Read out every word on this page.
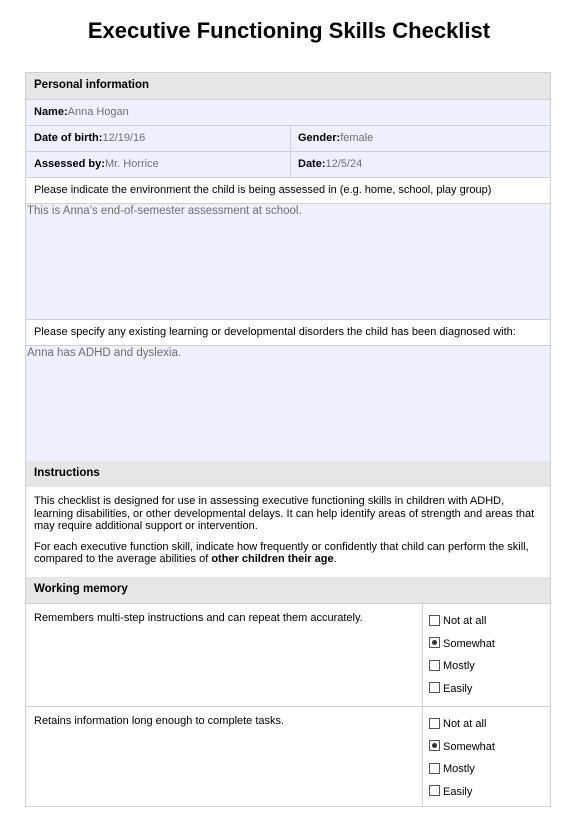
Executive Functioning Skills Checklist
Personal information
Name:Anna Hogan
Date of birth:12/19/16	Gender:female
Assessed by:Mr. Horrice	Date:12/5/24
Please indicate the environment the child is being assessed in (e.g. home, school, play group)
This is Anna’s end-of-semester assessment at school.
Please specify any existing learning or developmental disorders the child has been diagnosed with:
Anna has ADHD and dyslexia.
Instructions

This checklist is designed for use in assessing executive functioning skills in children with ADHD, learning disabilities, or other developmental delays. It can help identify areas of strength and areas that may require additional support or intervention.

For each executive function skill, indicate how frequently or confidently that child can perform the skill, compared to the average abilities of other children their age.

Working memory
Remembers multi-step instructions and can repeat them accurately.	Not at all
Somewhat
Mostly
Easily
Retains information long enough to complete tasks.	Not at all
Somewhat
Mostly
Easily
